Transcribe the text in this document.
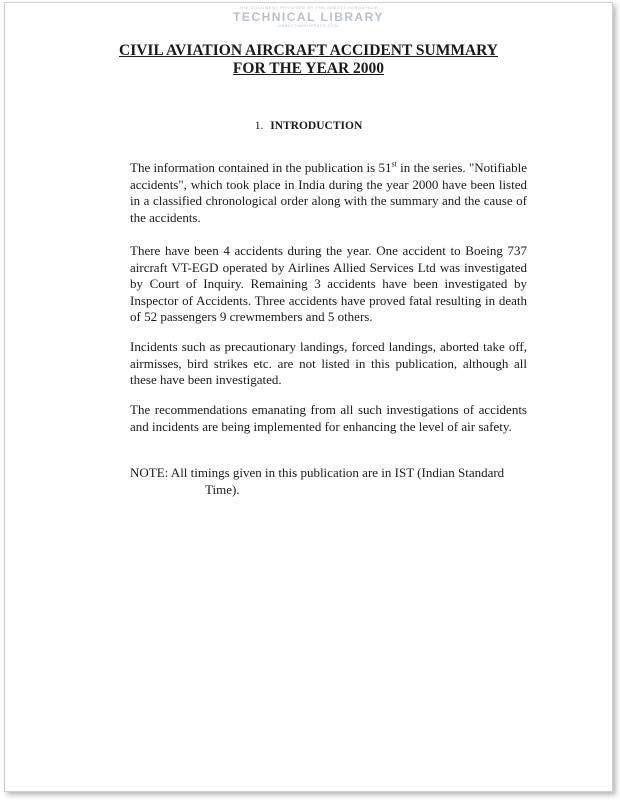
THE DOCUMENT PROVIDED BY THE ABBOTT AEROSPACE
TECHNICAL LIBRARY
ABBOTTAEROSPACE.COM
CIVIL AVIATION AIRCRAFT ACCIDENT SUMMARY
FOR THE YEAR 2000
1. INTRODUCTION

The information contained in the publication is 51st in the series. "Notifiable accidents", which took place in India during the year 2000 have been listed in a classified chronological order along with the summary and the cause of the accidents.

There have been 4 accidents during the year. One accident to Boeing 737 aircraft VT-EGD operated by Airlines Allied Services Ltd was investigated by Court of Inquiry. Remaining 3 accidents have been investigated by Inspector of Accidents. Three accidents have proved fatal resulting in death of 52 passengers 9 crewmembers and 5 others.

Incidents such as precautionary landings, forced landings, aborted take off, airmisses, bird strikes etc. are not listed in this publication, although all these have been investigated.

The recommendations emanating from all such investigations of accidents and incidents are being implemented for enhancing the level of air safety.

NOTE: All timings given in this publication are in IST (Indian Standard
Time).
